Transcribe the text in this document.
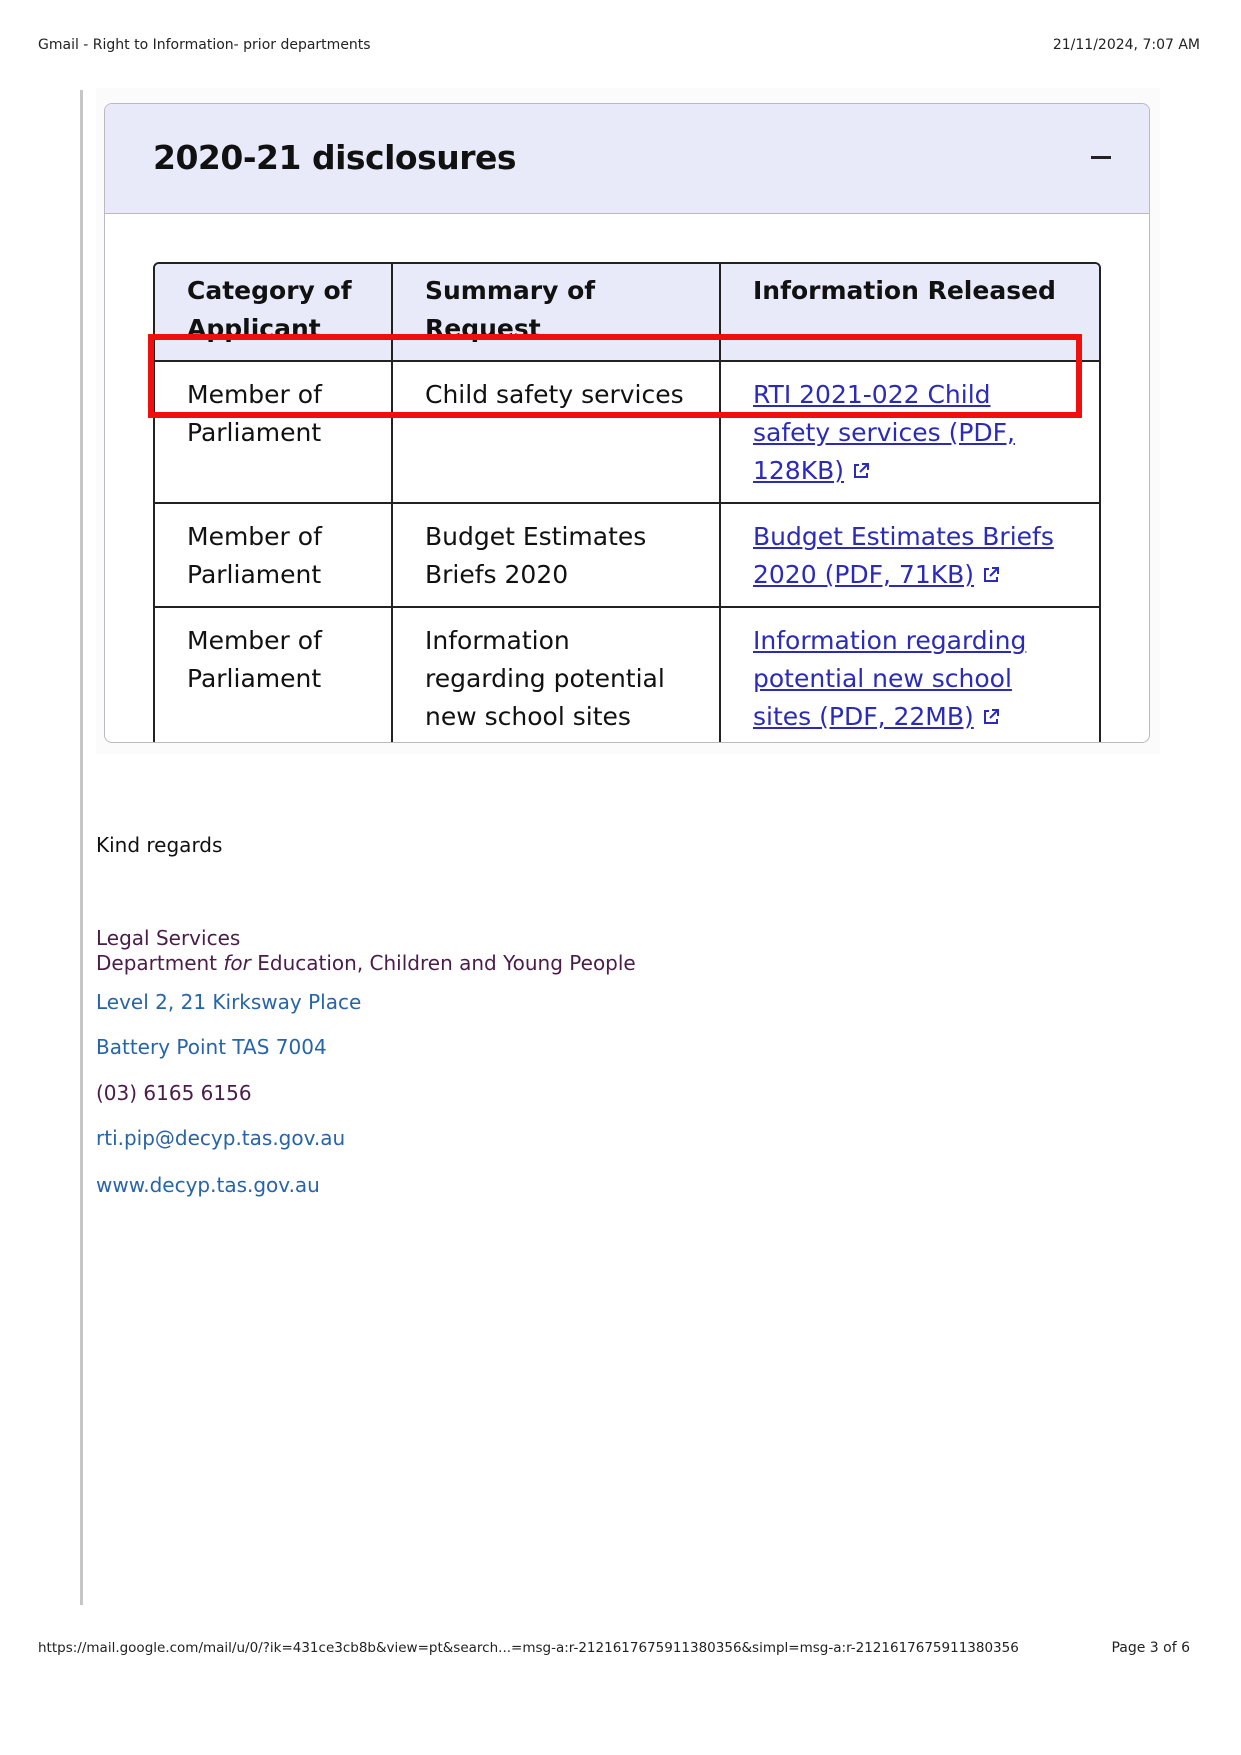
Gmail - Right to Information- prior departments	21/11/2024, 7:07 AM
2020-21 disclosures
Category of Applicant	Summary of Request	Information Released
Member of Parliament	Child safety services	RTI 2021-022 Child safety services (PDF, 128KB)
Member of Parliament	Budget Estimates Briefs 2020	Budget Estimates Briefs 2020 (PDF, 71KB)
Member of Parliament	Information regarding potential new school sites	Information regarding potential new school sites (PDF, 22MB)
Kind regards
Legal Services
Department for Education, Children and Young People
Level 2, 21 Kirksway Place
Battery Point TAS 7004
(03) 6165 6156
rti.pip@decyp.tas.gov.au
www.decyp.tas.gov.au
https://mail.google.com/mail/u/0/?ik=431ce3cb8b&view=pt&search...=msg-a:r-2121617675911380356&simpl=msg-a:r-2121617675911380356	Page 3 of 6
